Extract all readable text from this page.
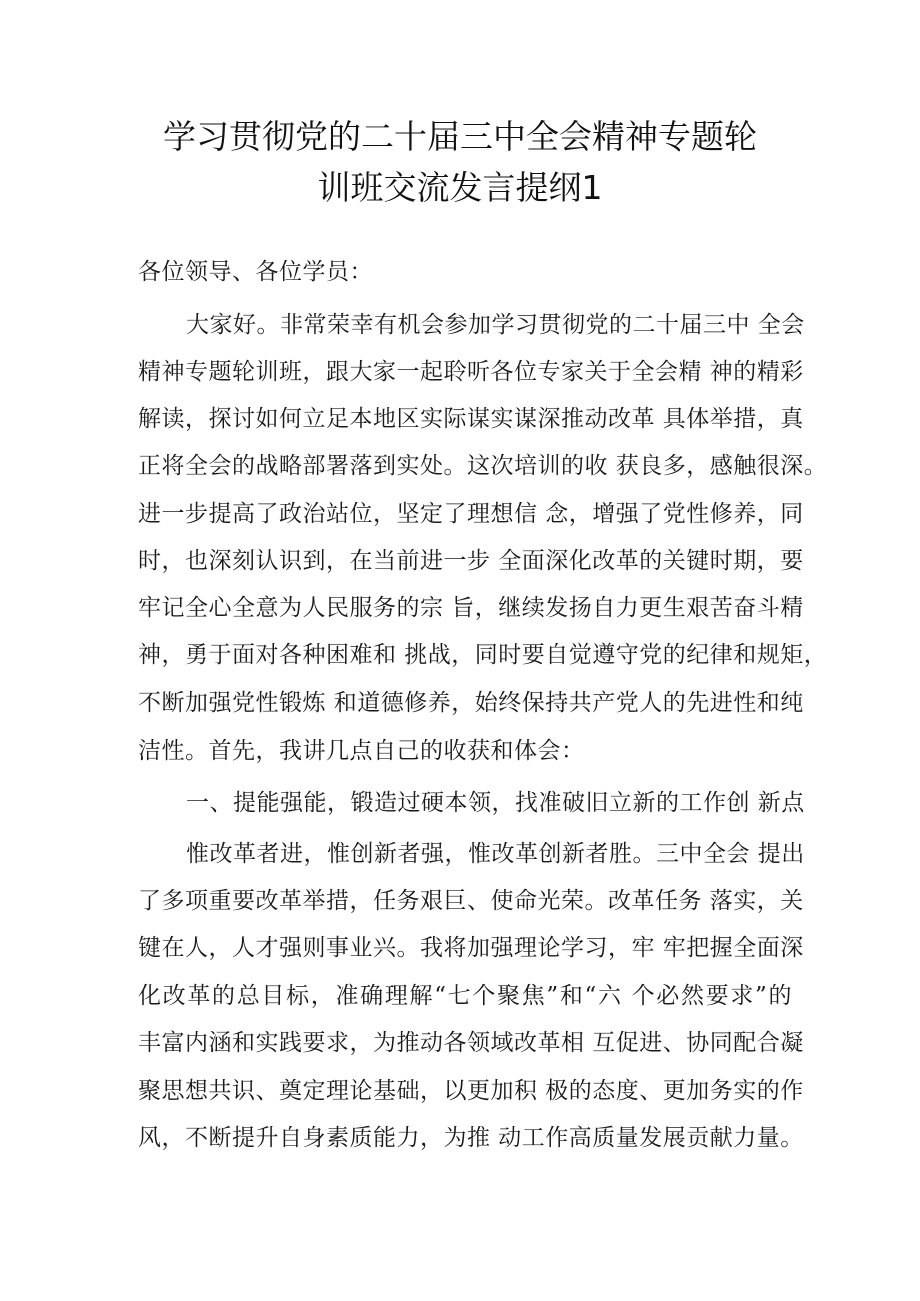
学习贯彻党的二十届三中全会精神专题轮
训班交流发言提纲1
各位领导、各位学员：
大家好。非常荣幸有机会参加学习贯彻党的二十届三中 全会
精神专题轮训班，跟大家一起聆听各位专家关于全会精 神的精彩
解读，探讨如何立足本地区实际谋实谋深推动改革 具体举措，真
正将全会的战略部署落到实处。这次培训的收 获良多，感触很深。
进一步提高了政治站位，坚定了理想信 念，增强了党性修养，同
时，也深刻认识到，在当前进一步 全面深化改革的关键时期，要
牢记全心全意为人民服务的宗 旨，继续发扬自力更生艰苦奋斗精
神，勇于面对各种困难和 挑战，同时要自觉遵守党的纪律和规矩，
不断加强党性锻炼 和道德修养，始终保持共产党人的先进性和纯
洁性。首先，我讲几点自己的收获和体会：
一、提能强能，锻造过硬本领，找准破旧立新的工作创 新点
惟改革者进，惟创新者强，惟改革创新者胜。三中全会 提出
了多项重要改革举措，任务艰巨、使命光荣。改革任务 落实，关
键在人，人才强则事业兴。我将加强理论学习，牢 牢把握全面深
化改革的总目标，准确理解“七个聚焦”和“六 个必然要求”的
丰富内涵和实践要求，为推动各领域改革相 互促进、协同配合凝
聚思想共识、奠定理论基础，以更加积 极的态度、更加务实的作
风，不断提升自身素质能力，为推 动工作高质量发展贡献力量。
